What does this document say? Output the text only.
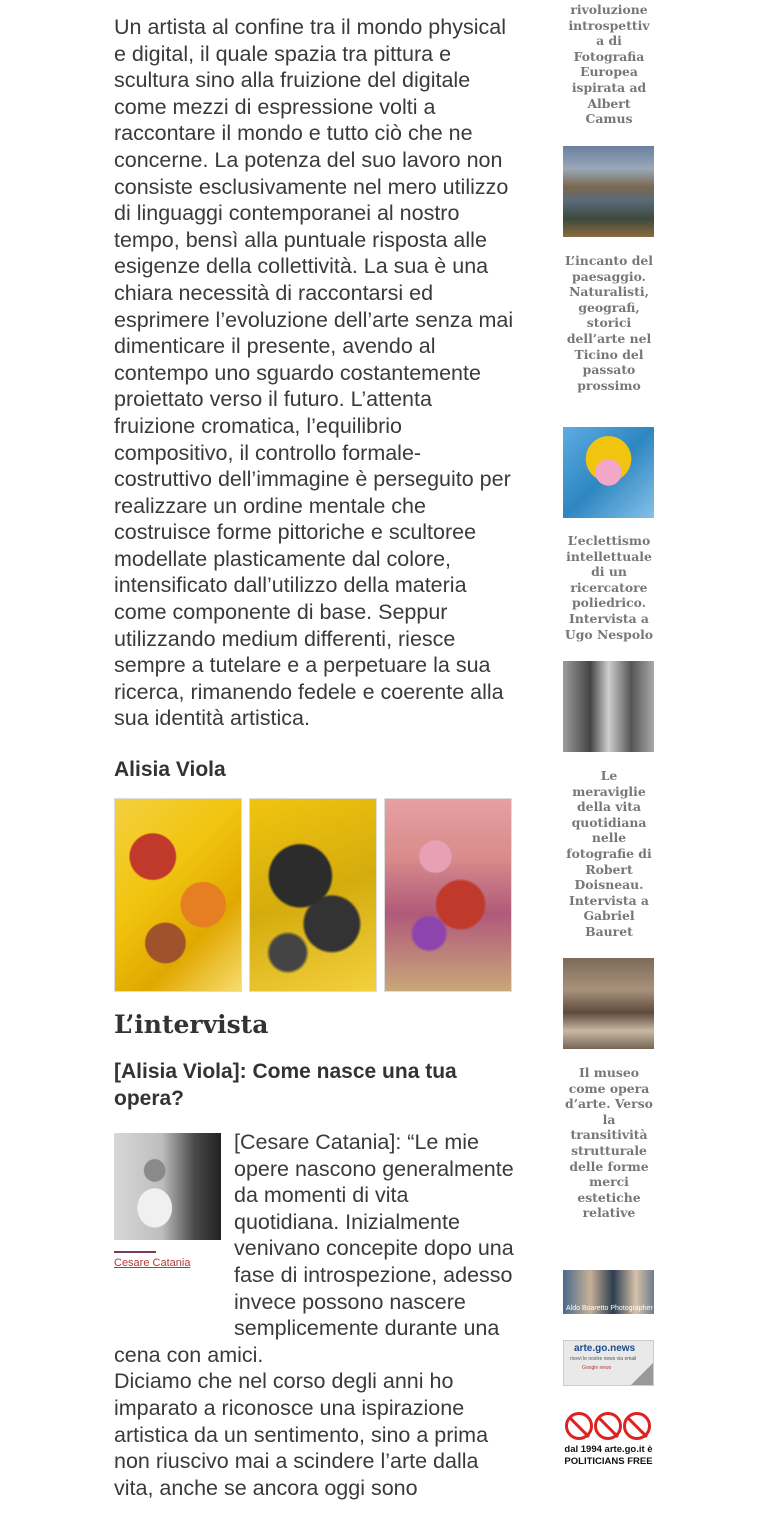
Un artista al confine tra il mondo physical e digital, il quale spazia tra pittura e scultura sino alla fruizione del digitale come mezzi di espressione volti a raccontare il mondo e tutto ciò che ne concerne. La potenza del suo lavoro non consiste esclusivamente nel mero utilizzo di linguaggi contemporanei al nostro tempo, bensì alla puntuale risposta alle esigenze della collettività. La sua è una chiara necessità di raccontarsi ed esprimere l’evoluzione dell’arte senza mai dimenticare il presente, avendo al contempo uno sguardo costantemente proiettato verso il futuro. L’attenta fruizione cromatica, l’equilibrio compositivo, il controllo formale-costruttivo dell’immagine è perseguito per realizzare un ordine mentale che costruisce forme pittoriche e scultoree modellate plasticamente dal colore, intensificato dall’utilizzo della materia come componente di base. Seppur utilizzando medium differenti, riesce sempre a tutelare e a perpetuare la sua ricerca, rimanendo fedele e coerente alla sua identità artistica.

Alisia Viola

L’intervista

[Alisia Viola]: Come nasce una tua opera?

Cesare Catania
[Cesare Catania]: “Le mie opere nascono generalmente da momenti di vita quotidiana. Inizialmente venivano concepite dopo una fase di introspezione, adesso invece possono nascere semplicemente durante una cena con amici.
Diciamo che nel corso degli anni ho imparato a riconosce una ispirazione artistica da un sentimento, sino a prima non riuscivo mai a scindere l’arte dalla vita, anche se ancora oggi sono

rivoluzione introspettiv a di Fotografia Europea ispirata ad Albert Camus

L’incanto del paesaggio. Naturalisti, geografi, storici dell’arte nel Ticino del passato prossimo

L’eclettismo intellettuale di un ricercatore poliedrico. Intervista a Ugo Nespolo

Le meraviglie della vita quotidiana nelle fotografie di Robert Doisneau. Intervista a Gabriel Bauret

Il museo come opera d’arte. Verso la transitività strutturale delle forme merci estetiche relative

Aldo Boaretto Photographer
arte.go.news
ricevi le nostre news via email
Google news
dal 1994 arte.go.it è POLITICIANS FREE
